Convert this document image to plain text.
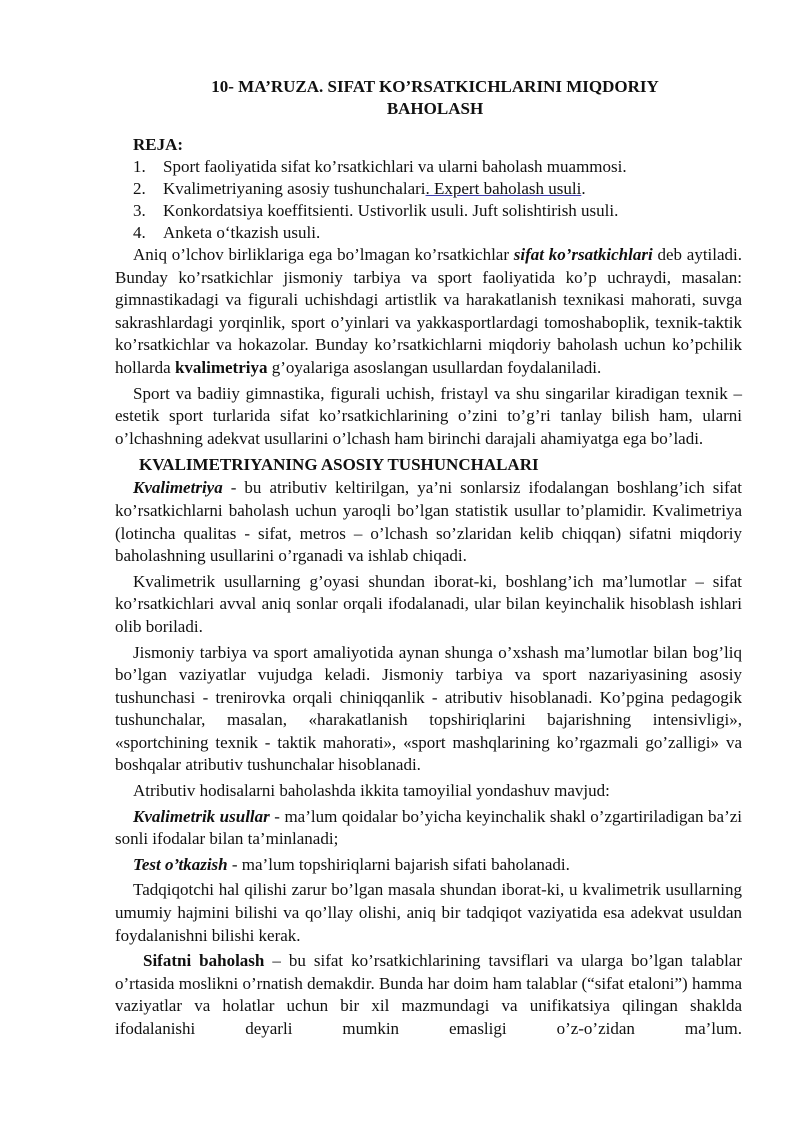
10- MA’RUZA. SIFAT KO’RSATKICHLARINI MIQDORIY
BAHOLASH
REJA:
1. Sport faoliyatida sifat ko’rsatkichlari va ularni baholash muammosi.
2. Kvalimetriyaning asosiy tushunchalari. Expert baholash usuli.
3. Konkordatsiya koeffitsienti. Ustivorlik usuli. Juft solishtirish usuli.
4. Anketa o‘tkazish usuli.

Aniq o’lchov birliklariga ega bo’lmagan ko’rsatkichlar sifat ko’rsatkichlari deb aytiladi. Bunday ko’rsatkichlar jismoniy tarbiya va sport faoliyatida ko’p uchraydi, masalan: gimnastikadagi va figurali uchishdagi artistlik va harakatlanish texnikasi mahorati, suvga sakrashlardagi yorqinlik, sport o’yinlari va yakkasportlardagi tomoshaboplik, texnik-taktik ko’rsatkichlar va hokazolar. Bunday ko’rsatkichlarni miqdoriy baholash uchun ko’pchilik hollarda kvalimetriya g’oyalariga asoslangan usullardan foydalaniladi.

Sport va badiiy gimnastika, figurali uchish, fristayl va shu singarilar kiradigan texnik – estetik sport turlarida sifat ko’rsatkichlarining o’zini to’g’ri tanlay bilish ham, ularni o’lchashning adekvat usullarini o’lchash ham birinchi darajali ahamiyatga ega bo’ladi.

KVALIMETRIYANING ASOSIY TUSHUNCHALARI

Kvalimetriya - bu atributiv keltirilgan, ya’ni sonlarsiz ifodalangan boshlang’ich sifat ko’rsatkichlarni baholash uchun yaroqli bo’lgan statistik usullar to’plamidir. Kvalimetriya (lotincha qualitas - sifat, metros – o’lchash so’zlaridan kelib chiqqan) sifatni miqdoriy baholashning usullarini o’rganadi va ishlab chiqadi.

Kvalimetrik usullarning g’oyasi shundan iborat-ki, boshlang’ich ma’lumotlar – sifat ko’rsatkichlari avval aniq sonlar orqali ifodalanadi, ular bilan keyinchalik hisoblash ishlari olib boriladi.

Jismoniy tarbiya va sport amaliyotida aynan shunga o’xshash ma’lumotlar bilan bog’liq bo’lgan vaziyatlar vujudga keladi. Jismoniy tarbiya va sport nazariyasining asosiy tushunchasi - trenirovka orqali chiniqqanlik - atributiv hisoblanadi. Ko’pgina pedagogik tushunchalar, masalan, «harakatlanish topshiriqlarini bajarishning intensivligi», «sportchining texnik - taktik mahorati», «sport mashqlarining ko’rgazmali go’zalligi» va boshqalar atributiv tushunchalar hisoblanadi.

Atributiv hodisalarni baholashda ikkita tamoyilial yondashuv mavjud:

Kvalimetrik usullar - ma’lum qoidalar bo’yicha keyinchalik shakl o’zgartiriladigan ba’zi sonli ifodalar bilan ta’minlanadi;

Test o’tkazish - ma’lum topshiriqlarni bajarish sifati baholanadi.

Tadqiqotchi hal qilishi zarur bo’lgan masala shundan iborat-ki, u kvalimetrik usullarning umumiy hajmini bilishi va qo’llay olishi, aniq bir tadqiqot vaziyatida esa adekvat usuldan foydalanishni bilishi kerak.

Sifatni baholash – bu sifat ko’rsatkichlarining tavsiflari va ularga bo’lgan talablar o’rtasida moslikni o’rnatish demakdir. Bunda har doim ham talablar (“sifat etaloni”) hamma vaziyatlar va holatlar uchun bir xil mazmundagi va unifikatsiya qilingan shaklda ifodalanishi deyarli mumkin emasligi o’z-o’zidan ma’lum.
